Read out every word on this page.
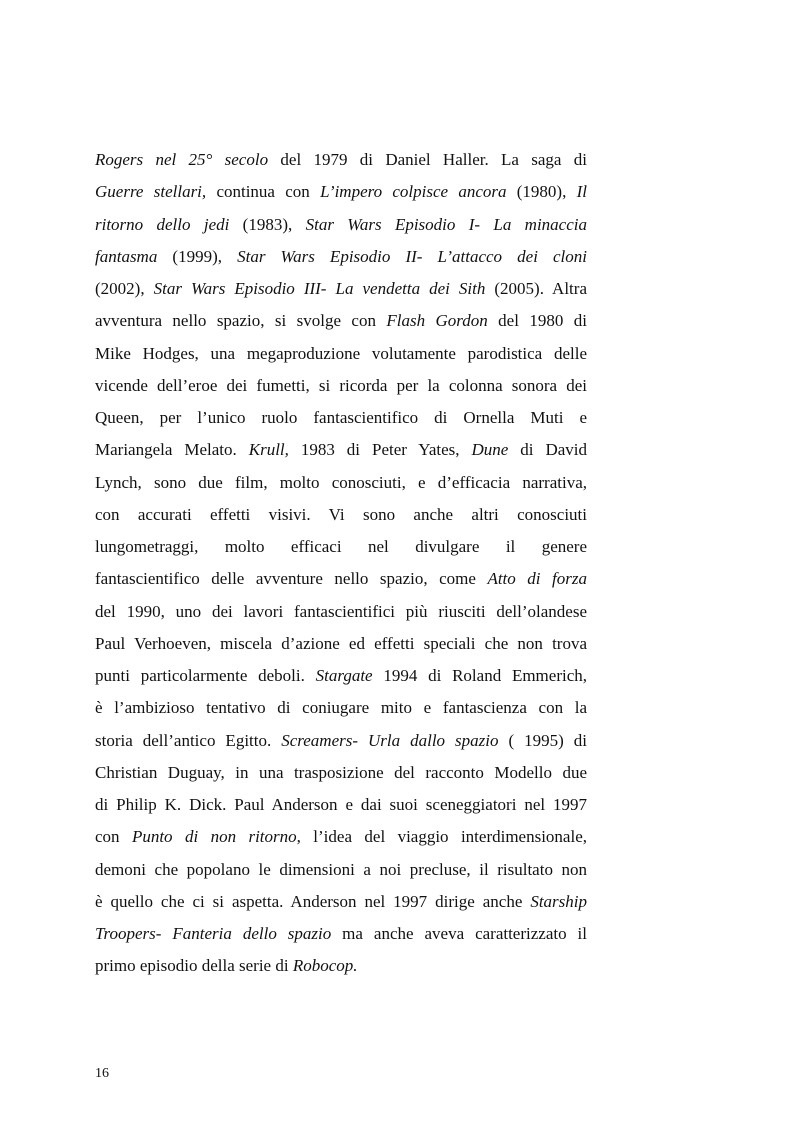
Rogers nel 25° secolo del 1979 di Daniel Haller. La saga di
Guerre stellari, continua con L’impero colpisce ancora (1980), Il
ritorno dello jedi (1983), Star Wars Episodio I- La minaccia
fantasma (1999), Star Wars Episodio II- L’attacco dei cloni
(2002), Star Wars Episodio III- La vendetta dei Sith (2005). Altra
avventura nello spazio, si svolge con Flash Gordon del 1980 di
Mike Hodges, una megaproduzione volutamente parodistica delle
vicende dell’eroe dei fumetti, si ricorda per la colonna sonora dei
Queen, per l’unico ruolo fantascientifico di Ornella Muti e
Mariangela Melato. Krull, 1983 di Peter Yates, Dune di David
Lynch, sono due film, molto conosciuti, e d’efficacia narrativa,
con accurati effetti visivi. Vi sono anche altri conosciuti
lungometraggi, molto efficaci nel divulgare il genere
fantascientifico delle avventure nello spazio, come Atto di forza
del 1990, uno dei lavori fantascientifici più riusciti dell’olandese
Paul Verhoeven, miscela d’azione ed effetti speciali che non trova
punti particolarmente deboli. Stargate 1994 di Roland Emmerich,
è l’ambizioso tentativo di coniugare mito e fantascienza con la
storia dell’antico Egitto. Screamers- Urla dallo spazio ( 1995) di
Christian Duguay, in una trasposizione del racconto Modello due
di Philip K. Dick. Paul Anderson e dai suoi sceneggiatori nel 1997
con Punto di non ritorno, l’idea del viaggio interdimensionale,
demoni che popolano le dimensioni a noi precluse, il risultato non
è quello che ci si aspetta. Anderson nel 1997 dirige anche Starship
Troopers- Fanteria dello spazio ma anche aveva caratterizzato il
primo episodio della serie di Robocop.
16
